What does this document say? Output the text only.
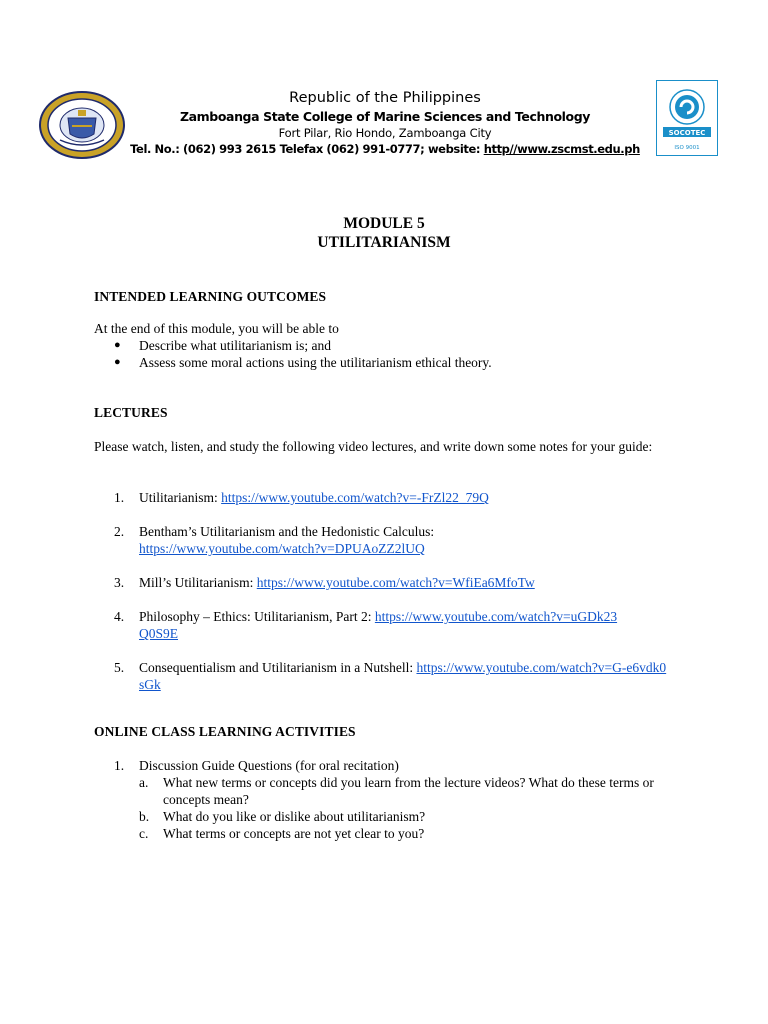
Republic of the Philippines
Zamboanga State College of Marine Sciences and Technology
Fort Pilar, Rio Hondo, Zamboanga City
Tel. No.: (062) 993 2615 Telefax (062) 991-0777; website: http//www.zscmst.edu.ph
SOCOTEC
ISO 9001
MODULE 5
UTILITARIANISM
INTENDED LEARNING OUTCOMES
At the end of this module, you will be able to
● Describe what utilitarianism is; and
● Assess some moral actions using the utilitarianism ethical theory.
LECTURES
Please watch, listen, and study the following video lectures, and write down some notes for your guide:
1. Utilitarianism: https://www.youtube.com/watch?v=-FrZl22_79Q
2. Bentham’s Utilitarianism and the Hedonistic Calculus:
https://www.youtube.com/watch?v=DPUAoZZ2lUQ
3. Mill’s Utilitarianism: https://www.youtube.com/watch?v=WfiEa6MfoTw
4. Philosophy – Ethics: Utilitarianism, Part 2: https://www.youtube.com/watch?v=uGDk23Q0S9E
5. Consequentialism and Utilitarianism in a Nutshell: https://www.youtube.com/watch?v=G-e6vdk0sGk
ONLINE CLASS LEARNING ACTIVITIES
1. Discussion Guide Questions (for oral recitation)
a. What new terms or concepts did you learn from the lecture videos? What do these terms or concepts mean?
b. What do you like or dislike about utilitarianism?
c. What terms or concepts are not yet clear to you?
